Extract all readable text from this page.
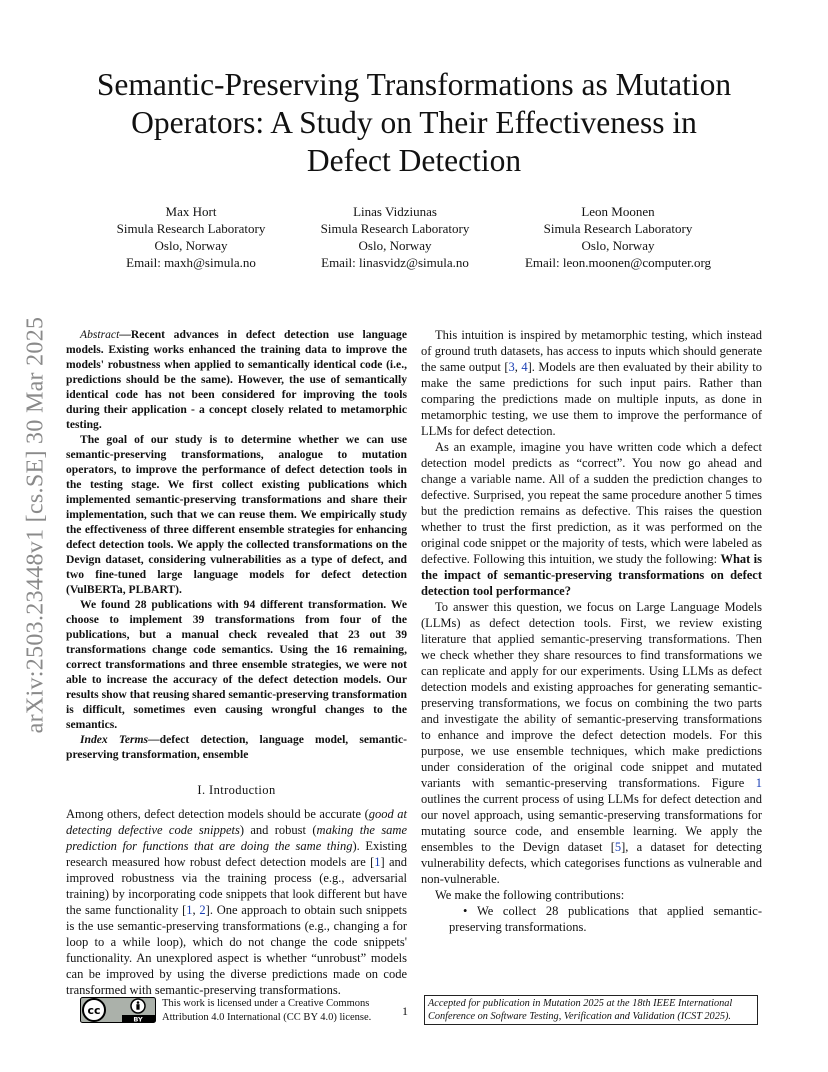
arXiv:2503.23448v1 [cs.SE] 30 Mar 2025
Semantic-Preserving Transformations as Mutation
Operators: A Study on Their Effectiveness in
Defect Detection
Max Hort
Simula Research Laboratory
Oslo, Norway
Email: maxh@simula.no
Linas Vidziunas
Simula Research Laboratory
Oslo, Norway
Email: linasvidz@simula.no
Leon Moonen
Simula Research Laboratory
Oslo, Norway
Email: leon.moonen@computer.org

Abstract—Recent advances in defect detection use language models. Existing works enhanced the training data to improve the models' robustness when applied to semantically identical code (i.e., predictions should be the same). However, the use of semantically identical code has not been considered for improving the tools during their application - a concept closely related to metamorphic testing.

The goal of our study is to determine whether we can use semantic-preserving transformations, analogue to mutation operators, to improve the performance of defect detection tools in the testing stage. We first collect existing publications which implemented semantic-preserving transformations and share their implementation, such that we can reuse them. We empirically study the effectiveness of three different ensemble strategies for enhancing defect detection tools. We apply the collected transformations on the Devign dataset, considering vulnerabilities as a type of defect, and two fine-tuned large language models for defect detection (VulBERTa, PLBART).

We found 28 publications with 94 different transformation. We choose to implement 39 transformations from four of the publications, but a manual check revealed that 23 out 39 transformations change code semantics. Using the 16 remaining, correct transformations and three ensemble strategies, we were not able to increase the accuracy of the defect detection models. Our results show that reusing shared semantic-preserving transformation is difficult, sometimes even causing wrongful changes to the semantics.

Index Terms—defect detection, language model, semantic-preserving transformation, ensemble

I. Introduction

Among others, defect detection models should be accurate (good at detecting defective code snippets) and robust (making the same prediction for functions that are doing the same thing). Existing research measured how robust defect detection models are [1] and improved robustness via the training process (e.g., adversarial training) by incorporating code snippets that look different but have the same functionality [1, 2]. One approach to obtain such snippets is the use semantic-preserving transformations (e.g., changing a for loop to a while loop), which do not change the code snippets' functionality. An unexplored aspect is whether “unrobust” models can be improved by using the diverse predictions made on code transformed with semantic-preserving transformations.

This intuition is inspired by metamorphic testing, which instead of ground truth datasets, has access to inputs which should generate the same output [3, 4]. Models are then evaluated by their ability to make the same predictions for such input pairs. Rather than comparing the predictions made on multiple inputs, as done in metamorphic testing, we use them to improve the performance of LLMs for defect detection.

As an example, imagine you have written code which a defect detection model predicts as “correct”. You now go ahead and change a variable name. All of a sudden the prediction changes to defective. Surprised, you repeat the same procedure another 5 times but the prediction remains as defective. This raises the question whether to trust the first prediction, as it was performed on the original code snippet or the majority of tests, which were labeled as defective. Following this intuition, we study the following: What is the impact of semantic-preserving transformations on defect detection tool performance?

To answer this question, we focus on Large Language Models (LLMs) as defect detection tools. First, we review existing literature that applied semantic-preserving transformations. Then we check whether they share resources to find transformations we can replicate and apply for our experiments. Using LLMs as defect detection models and existing approaches for generating semantic-preserving transformations, we focus on combining the two parts and investigate the ability of semantic-preserving transformations to enhance and improve the defect detection models. For this purpose, we use ensemble techniques, which make predictions under consideration of the original code snippet and mutated variants with semantic-preserving transformations. Figure 1 outlines the current process of using LLMs for defect detection and our novel approach, using semantic-preserving transformations for mutating source code, and ensemble learning. We apply the ensembles to the Devign dataset [5], a dataset for detecting vulnerability defects, which categorises functions as vulnerable and non-vulnerable.

We make the following contributions:

• We collect 28 publications that applied semantic-preserving transformations.

BY
cc
This work is licensed under a Creative Commons Attribution 4.0 International (CC BY 4.0) license.	1
Accepted for publication in Mutation 2025 at the 18th IEEE International Conference on Software Testing, Verification and Validation (ICST 2025).
